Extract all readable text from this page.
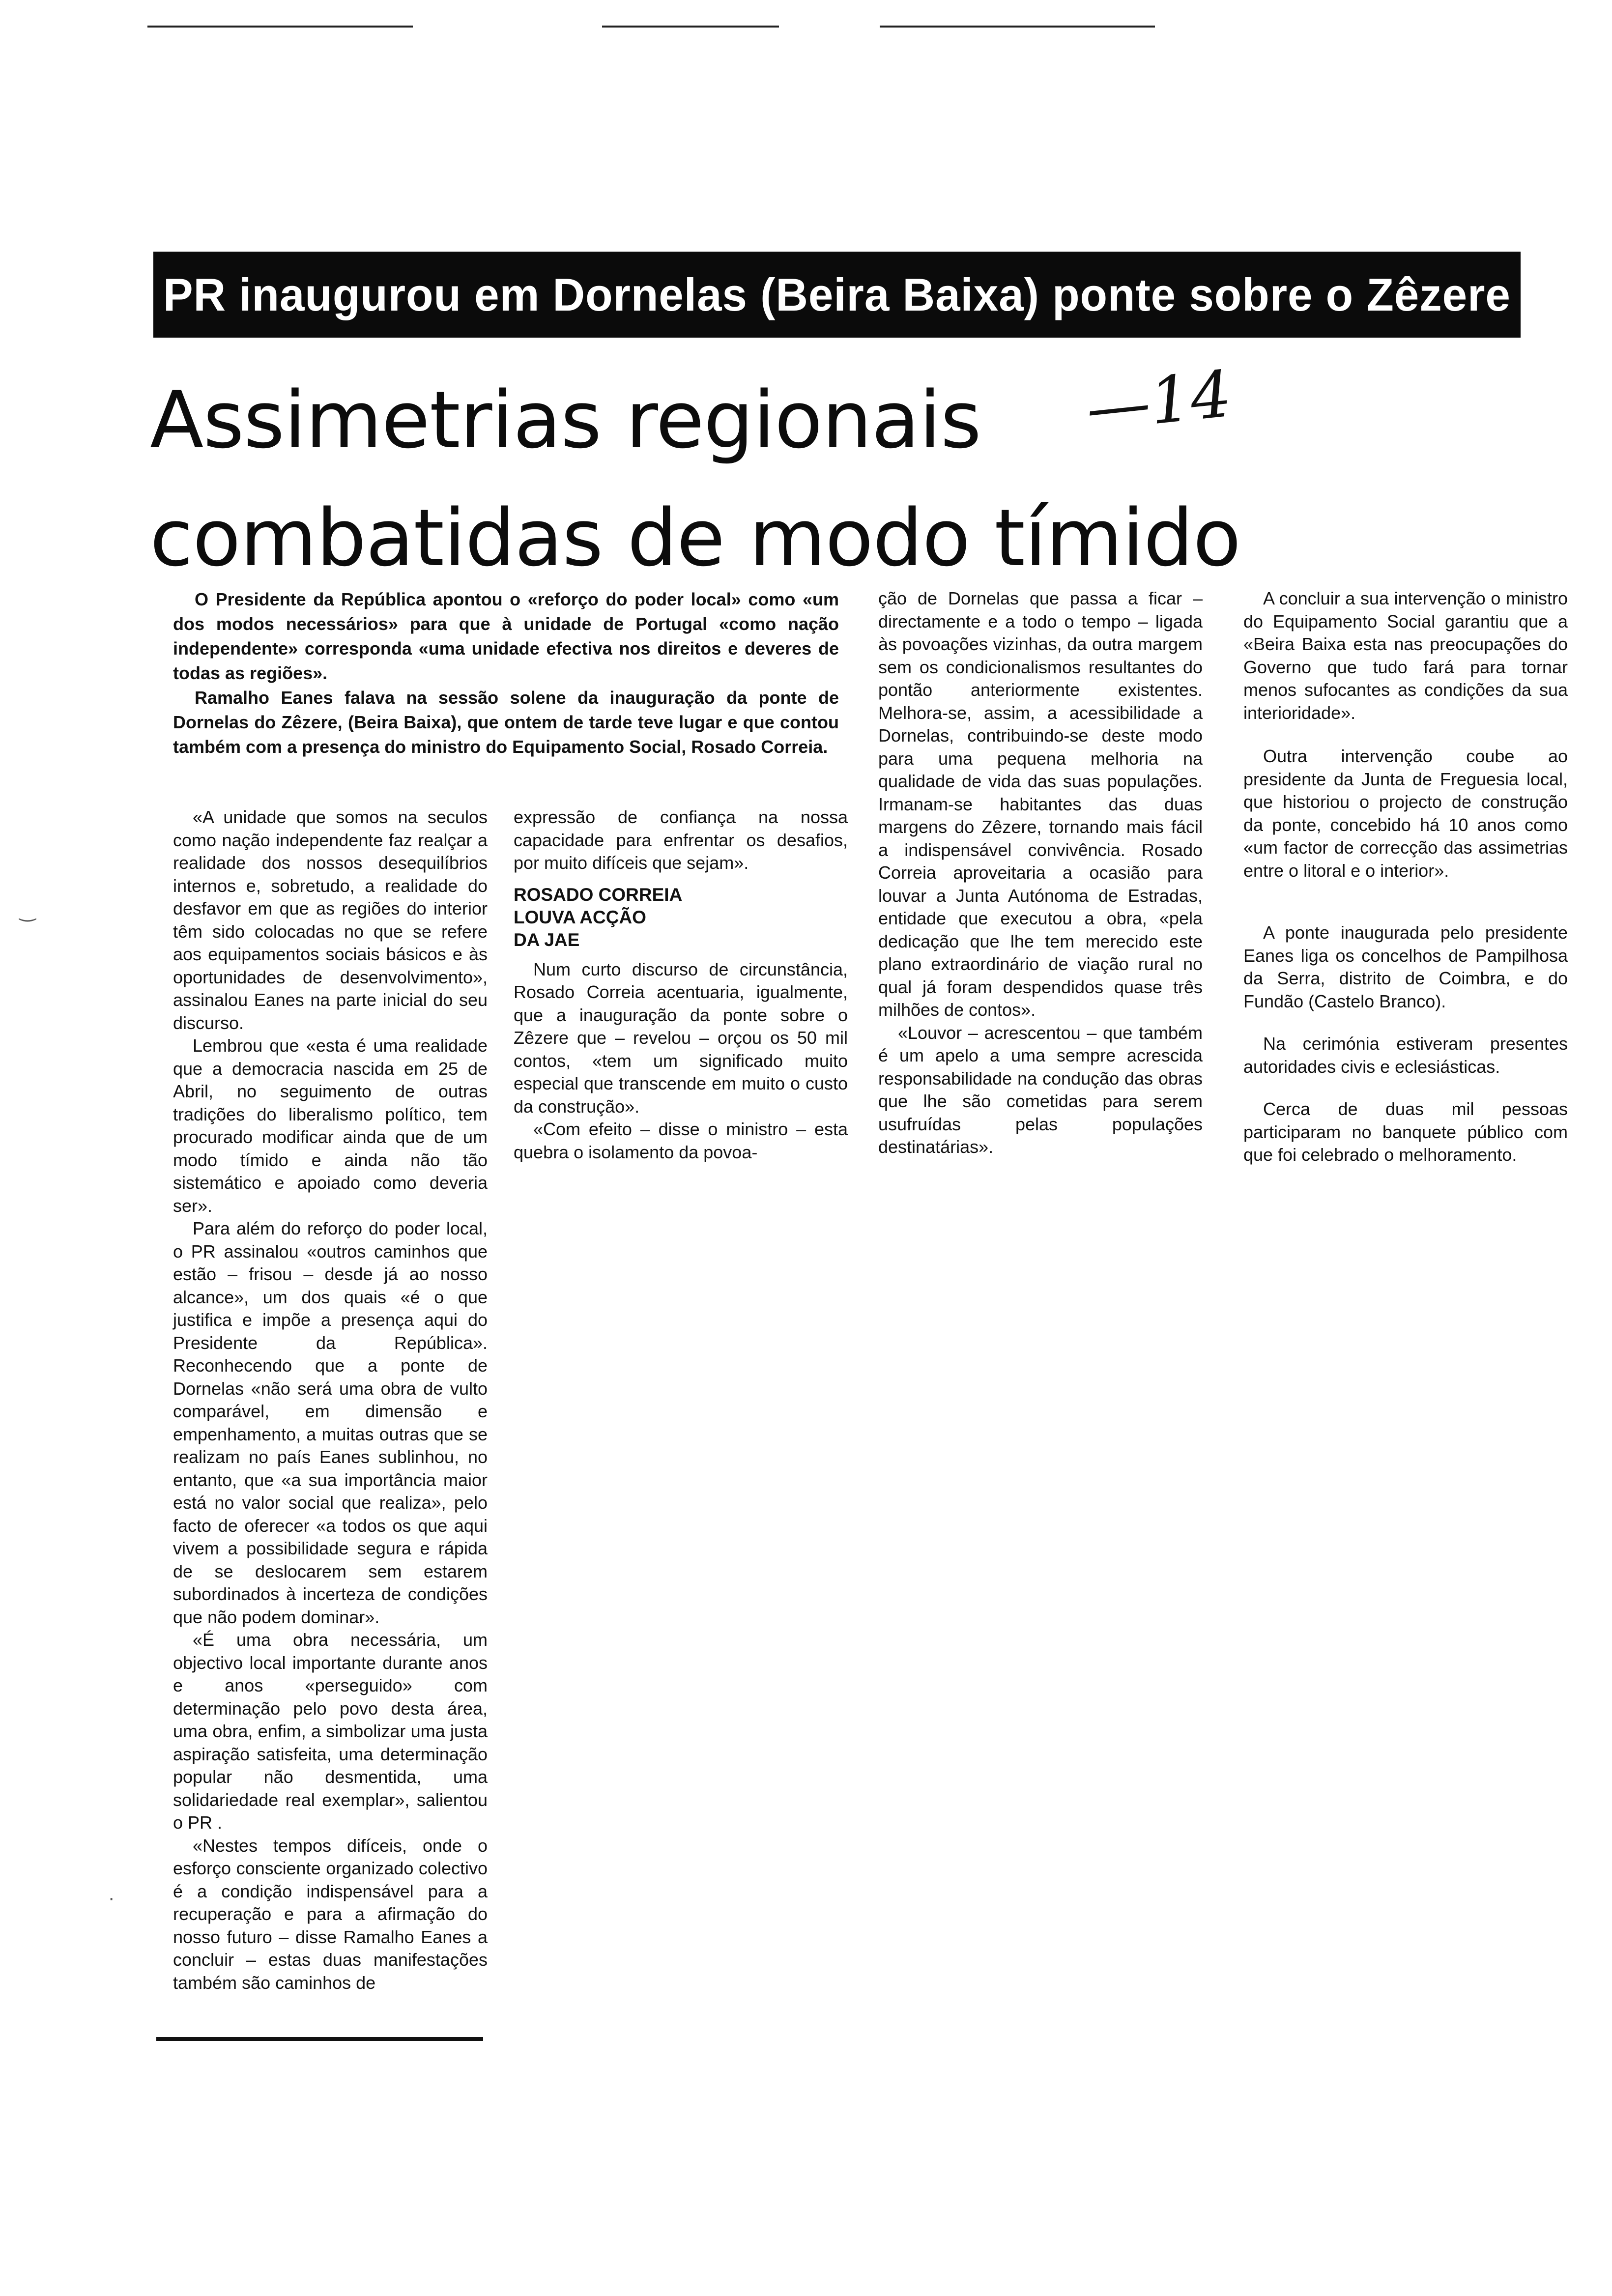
PR inaugurou em Dornelas (Beira Baixa) ponte sobre o Zêzere
Assimetrias regionais
combatidas de modo tímido
—14

O Presidente da República apontou o «reforço do poder local» como «um dos modos necessários» para que à unidade de Portugal «como nação independente» corresponda «uma unidade efectiva nos direitos e deveres de todas as regiões».

Ramalho Eanes falava na sessão solene da inauguração da ponte de Dornelas do Zêzere, (Beira Baixa), que ontem de tarde teve lugar e que contou também com a presença do ministro do Equipamento Social, Rosado Correia.

«A unidade que somos na seculos como nação independente faz realçar a realidade dos nossos desequilíbrios internos e, sobretudo, a realidade do desfavor em que as regiões do interior têm sido colocadas no que se refere aos equipamentos sociais básicos e às oportunidades de desenvolvimento», assinalou Eanes na parte inicial do seu discurso.

Lembrou que «esta é uma realidade que a democracia nascida em 25 de Abril, no seguimento de outras tradições do liberalismo político, tem procurado modificar ainda que de um modo tímido e ainda não tão sistemático e apoiado como deveria ser».

Para além do reforço do poder local, o PR assinalou «outros caminhos que estão – frisou – desde já ao nosso alcance», um dos quais «é o que justifica e impõe a presença aqui do Presidente da República». Reconhecendo que a ponte de Dornelas «não será uma obra de vulto comparável, em dimensão e empenhamento, a muitas outras que se realizam no país Eanes sublinhou, no entanto, que «a sua importância maior está no valor social que realiza», pelo facto de oferecer «a todos os que aqui vivem a possibilidade segura e rápida de se deslocarem sem estarem subordinados à incerteza de condições que não podem dominar».

«É uma obra necessária, um objectivo local importante durante anos e anos «perseguido» com determinação pelo povo desta área, uma obra, enfim, a simbolizar uma justa aspiração satisfeita, uma determinação popular não desmentida, uma solidariedade real exemplar», salientou o PR .

«Nestes tempos difíceis, onde o esforço consciente organizado colectivo é a condição indispensável para a recuperação e para a afirmação do nosso futuro – disse Ramalho Eanes a concluir – estas duas manifestações também são caminhos de

expressão de confiança na nossa capacidade para enfrentar os desafios, por muito difíceis que sejam».

ROSADO CORREIA
LOUVA ACÇÃO
DA JAE

Num curto discurso de circunstância, Rosado Correia acentuaria, igualmente, que a inauguração da ponte sobre o Zêzere que – revelou – orçou os 50 mil contos, «tem um significado muito especial que transcende em muito o custo da construção».

«Com efeito – disse o ministro – esta quebra o isolamento da povoa-

ção de Dornelas que passa a ficar – directamente e a todo o tempo – ligada às povoações vizinhas, da outra margem sem os condicionalismos resultantes do pontão anteriormente existentes. Melhora-se, assim, a acessibilidade a Dornelas, contribuindo-se deste modo para uma pequena melhoria na qualidade de vida das suas populações. Irmanam-se habitantes das duas margens do Zêzere, tornando mais fácil a indispensável convivência. Rosado Correia aproveitaria a ocasião para louvar a Junta Autónoma de Estradas, entidade que executou a obra, «pela dedicação que lhe tem merecido este plano extraordinário de viação rural no qual já foram despendidos quase três milhões de contos».

«Louvor – acrescentou – que também é um apelo a uma sempre acrescida responsabilidade na condução das obras que lhe são cometidas para serem usufruídas pelas populações destinatárias».

A concluir a sua intervenção o ministro do Equipamento Social garantiu que a «Beira Baixa esta nas preocupações do Governo que tudo fará para tornar menos sufocantes as condições da sua interioridade».

Outra intervenção coube ao presidente da Junta de Freguesia local, que historiou o projecto de construção da ponte, concebido há 10 anos como «um factor de correcção das assimetrias entre o litoral e o interior».

A ponte inaugurada pelo presidente Eanes liga os concelhos de Pampilhosa da Serra, distrito de Coimbra, e do Fundão (Castelo Branco).

Na cerimónia estiveram presentes autoridades civis e eclesiásticas.

Cerca de duas mil pessoas participaram no banquete público com que foi celebrado o melhoramento.

‿
·
